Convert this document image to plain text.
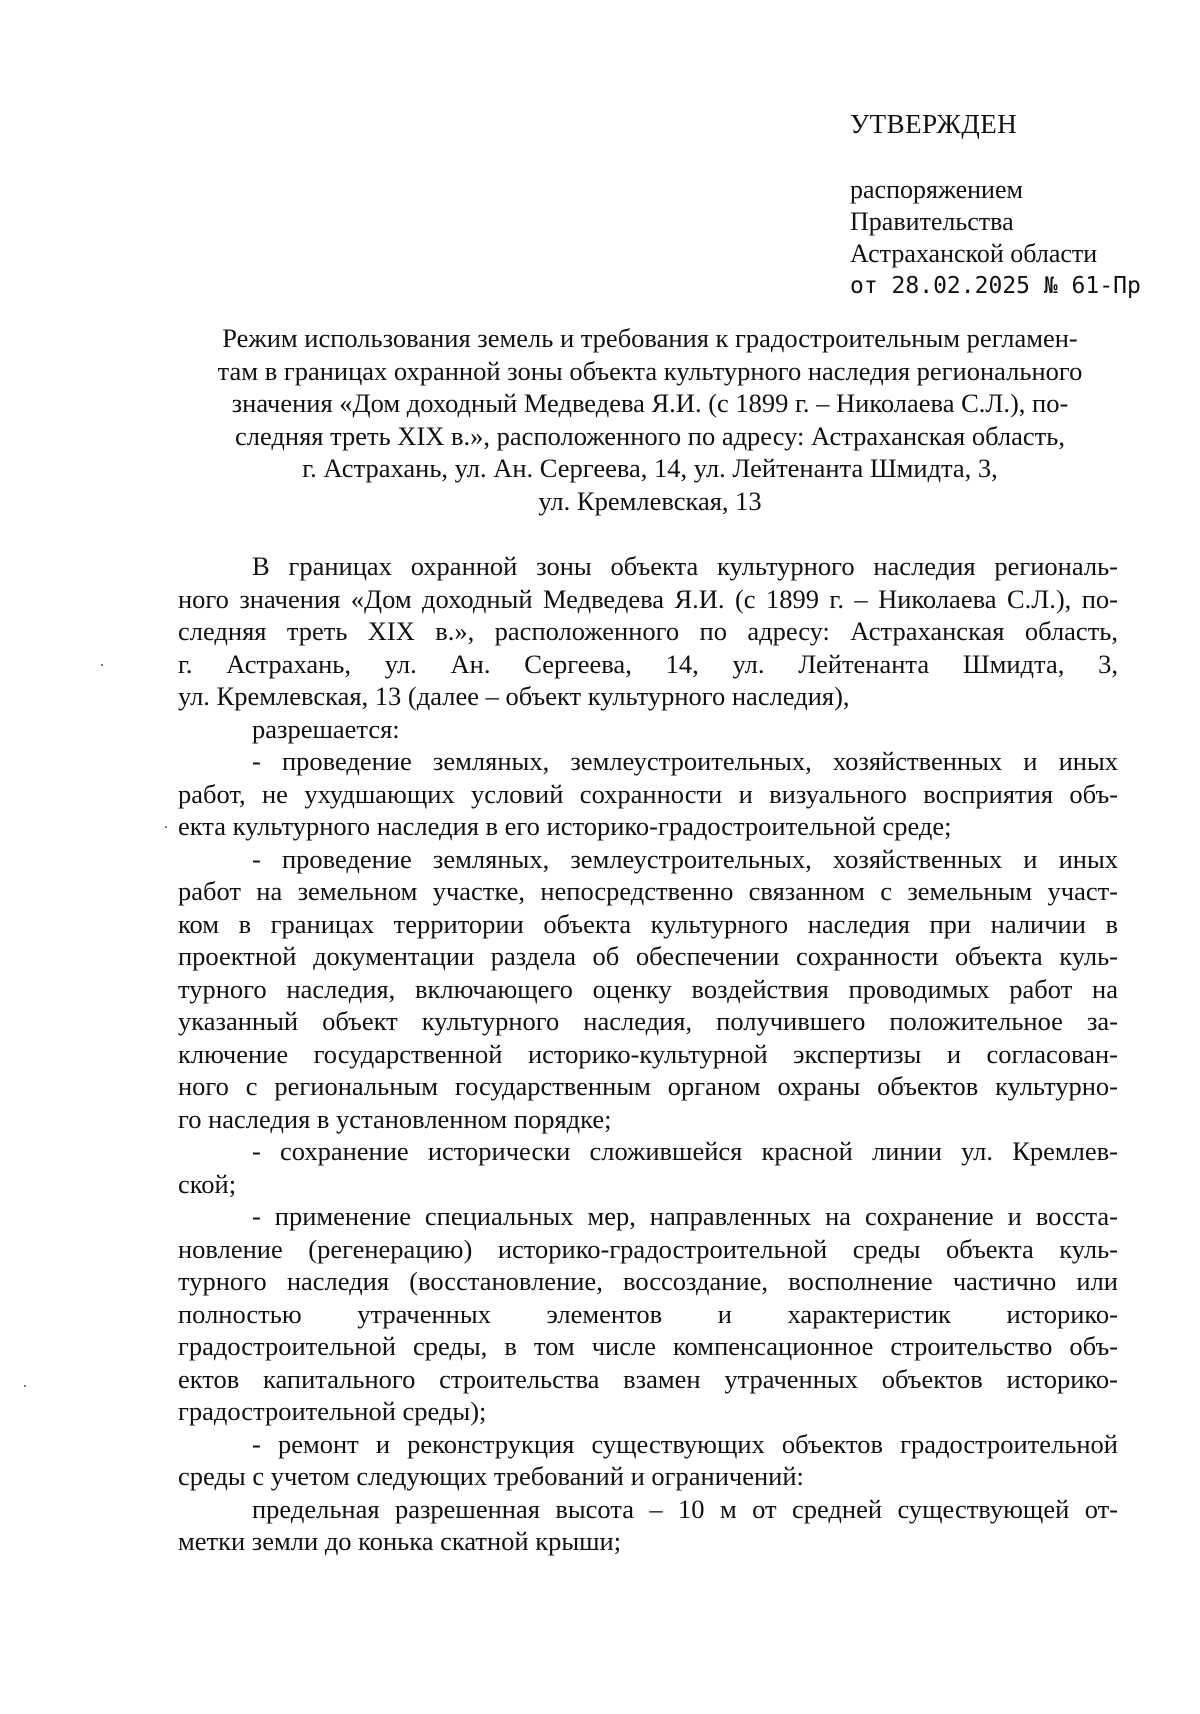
УТВЕРЖДЕН
распоряжением
Правительства
Астраханской области
от 28.02.2025 № 61-Пр
Режим использования земель и требования к градостроительным регламен-
там в границах охранной зоны объекта культурного наследия регионального
значения «Дом доходный Медведева Я.И. (с 1899 г. – Николаева С.Л.), по-
следняя треть XIX в.», расположенного по адресу: Астраханская область,
г. Астрахань, ул. Ан. Сергеева, 14, ул. Лейтенанта Шмидта, 3,
ул. Кремлевская, 13
В границах охранной зоны объекта культурного наследия региональ-
ного значения «Дом доходный Медведева Я.И. (с 1899 г. – Николаева С.Л.), по-
следняя треть XIX в.», расположенного по адресу: Астраханская область,
г. Астрахань, ул. Ан. Сергеева, 14, ул. Лейтенанта Шмидта, 3,
ул. Кремлевская, 13 (далее – объект культурного наследия),
разрешается:
- проведение земляных, землеустроительных, хозяйственных и иных
работ, не ухудшающих условий сохранности и визуального восприятия объ-
екта культурного наследия в его историко-градостроительной среде;
- проведение земляных, землеустроительных, хозяйственных и иных
работ на земельном участке, непосредственно связанном с земельным участ-
ком в границах территории объекта культурного наследия при наличии в
проектной документации раздела об обеспечении сохранности объекта куль-
турного наследия, включающего оценку воздействия проводимых работ на
указанный объект культурного наследия, получившего положительное за-
ключение государственной историко-культурной экспертизы и согласован-
ного с региональным государственным органом охраны объектов культурно-
го наследия в установленном порядке;
- сохранение исторически сложившейся красной линии ул. Кремлев-
ской;
- применение специальных мер, направленных на сохранение и восста-
новление (регенерацию) историко-градостроительной среды объекта куль-
турного наследия (восстановление, воссоздание, восполнение частично или
полностью утраченных элементов и характеристик историко-
градостроительной среды, в том числе компенсационное строительство объ-
ектов капитального строительства взамен утраченных объектов историко-
градостроительной среды);
- ремонт и реконструкция существующих объектов градостроительной
среды с учетом следующих требований и ограничений:
предельная разрешенная высота – 10 м от средней существующей от-
метки земли до конька скатной крыши;
